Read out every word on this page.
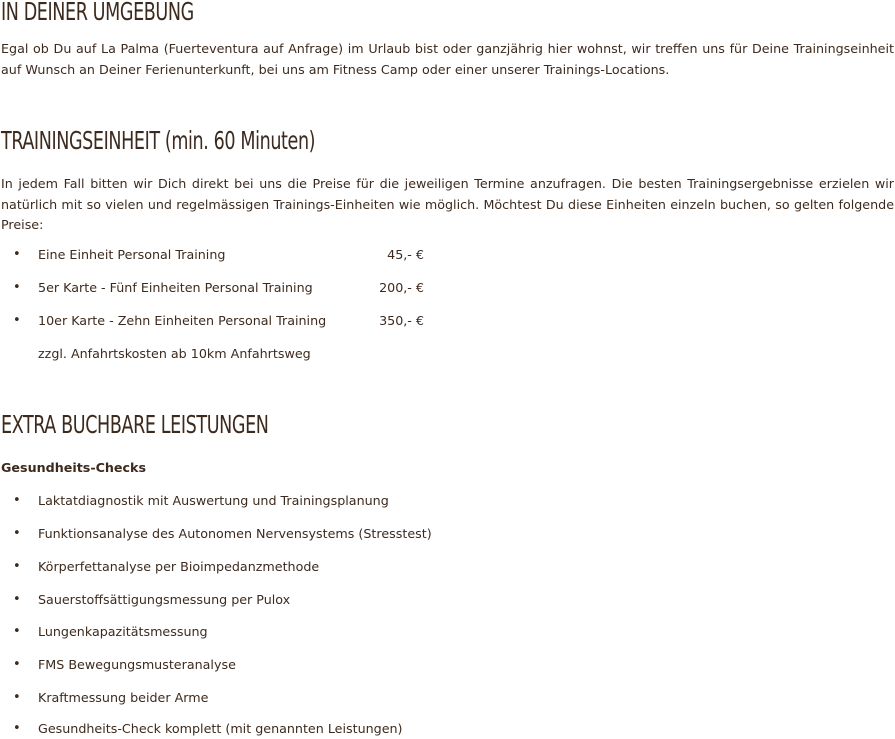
IN DEINER UMGEBUNG

Egal ob Du auf La Palma (Fuerteventura auf Anfrage) im Urlaub bist oder ganzjährig hier wohnst, wir treffen uns für Deine Trainingseinheit auf Wunsch an Deiner Ferienunterkunft, bei uns am Fitness Camp oder einer unserer Trainings-Locations.

TRAININGSEINHEIT (min. 60 Minuten)

In jedem Fall bitten wir Dich direkt bei uns die Preise für die jeweiligen Termine anzufragen. Die besten Trainingsergebnisse erzielen wir natürlich mit so vielen und regelmässigen Trainings-Einheiten wie möglich. Möchtest Du diese Einheiten einzeln buchen, so gelten folgende Preise:

• Eine Einheit Personal Training	45,- €
• 5er Karte - Fünf Einheiten Personal Training	200,- €
• 10er Karte - Zehn Einheiten Personal Training	350,- €
zzgl. Anfahrtskosten ab 10km Anfahrtsweg
EXTRA BUCHBARE LEISTUNGEN

Gesundheits-Checks

• Laktatdiagnostik mit Auswertung und Trainingsplanung
• Funktionsanalyse des Autonomen Nervensystems (Stresstest)
• Körperfettanalyse per Bioimpedanzmethode
• Sauerstoffsättigungsmessung per Pulox
• Lungenkapazitätsmessung
• FMS Bewegungsmusteranalyse
• Kraftmessung beider Arme
• Gesundheits-Check komplett (mit genannten Leistungen)
